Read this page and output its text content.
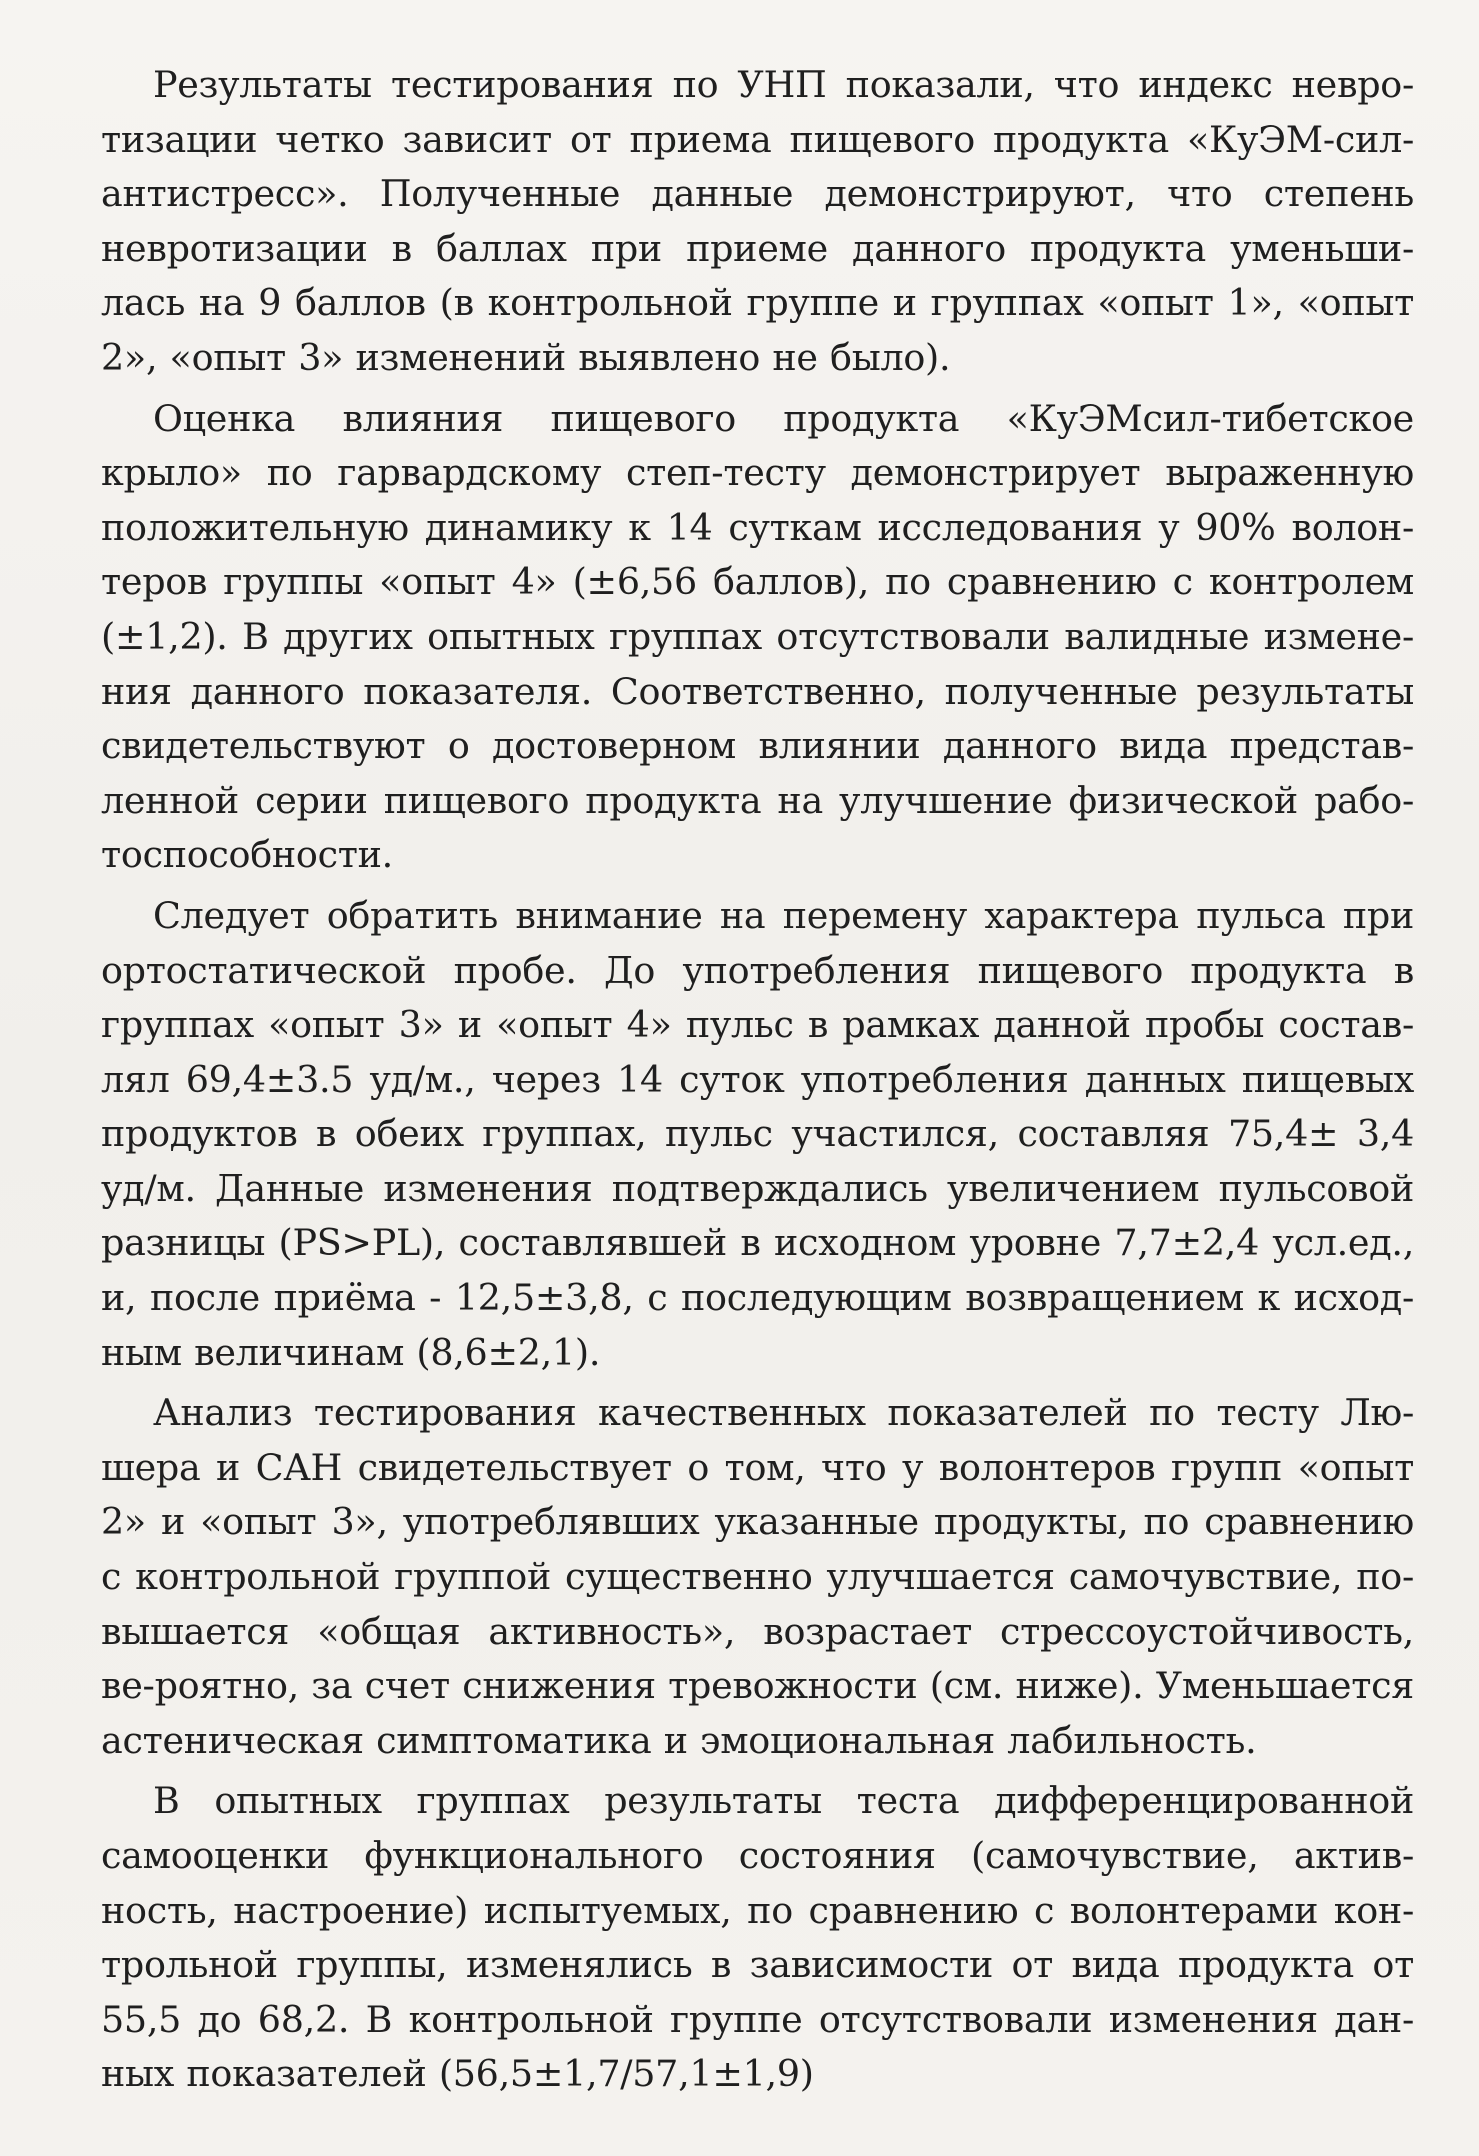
Результаты тестирования по УНП показали, что индекс невро-тизации четко зависит от приема пищевого продукта «КуЭМ-сил-антистресс». Полученные данные демонстрируют, что степень невротизации в баллах при приеме данного продукта уменьши-лась на 9 баллов (в контрольной группе и группах «опыт 1», «опыт 2», «опыт 3» изменений выявлено не было).

Оценка влияния пищевого продукта «КуЭМсил-тибетское крыло» по гарвардскому степ-тесту демонстрирует выраженную положительную динамику к 14 суткам исследования у 90% волон-теров группы «опыт 4» (±6,56 баллов), по сравнению с контролем (±1,2). В других опытных группах отсутствовали валидные измене-ния данного показателя. Соответственно, полученные результаты свидетельствуют о достоверном влиянии данного вида представ-ленной серии пищевого продукта на улучшение физической рабо-тоспособности.

Следует обратить внимание на перемену характера пульса при ортостатической пробе. До употребления пищевого продукта в группах «опыт 3» и «опыт 4» пульс в рамках данной пробы состав-лял 69,4±3.5 уд/м., через 14 суток употребления данных пищевых продуктов в обеих группах, пульс участился, составляя 75,4± 3,4 уд/м. Данные изменения подтверждались увеличением пульсовой разницы (PS>PL), составлявшей в исходном уровне 7,7±2,4 усл.ед., и, после приёма - 12,5±3,8, с последующим возвращением к исход-ным величинам (8,6±2,1).

Анализ тестирования качественных показателей по тесту Лю-шера и САН свидетельствует о том, что у волонтеров групп «опыт 2» и «опыт 3», употреблявших указанные продукты, по сравнению с контрольной группой существенно улучшается самочувствие, по-вышается «общая активность», возрастает стрессоустойчивость, ве-роятно, за счет снижения тревожности (см. ниже). Уменьшается астеническая симптоматика и эмоциональная лабильность.

В опытных группах результаты теста дифференцированной самооценки функционального состояния (самочувствие, актив-ность, настроение) испытуемых, по сравнению с волонтерами кон-трольной группы, изменялись в зависимости от вида продукта от 55,5 до 68,2. В контрольной группе отсутствовали изменения дан-ных показателей (56,5±1,7/57,1±1,9)
